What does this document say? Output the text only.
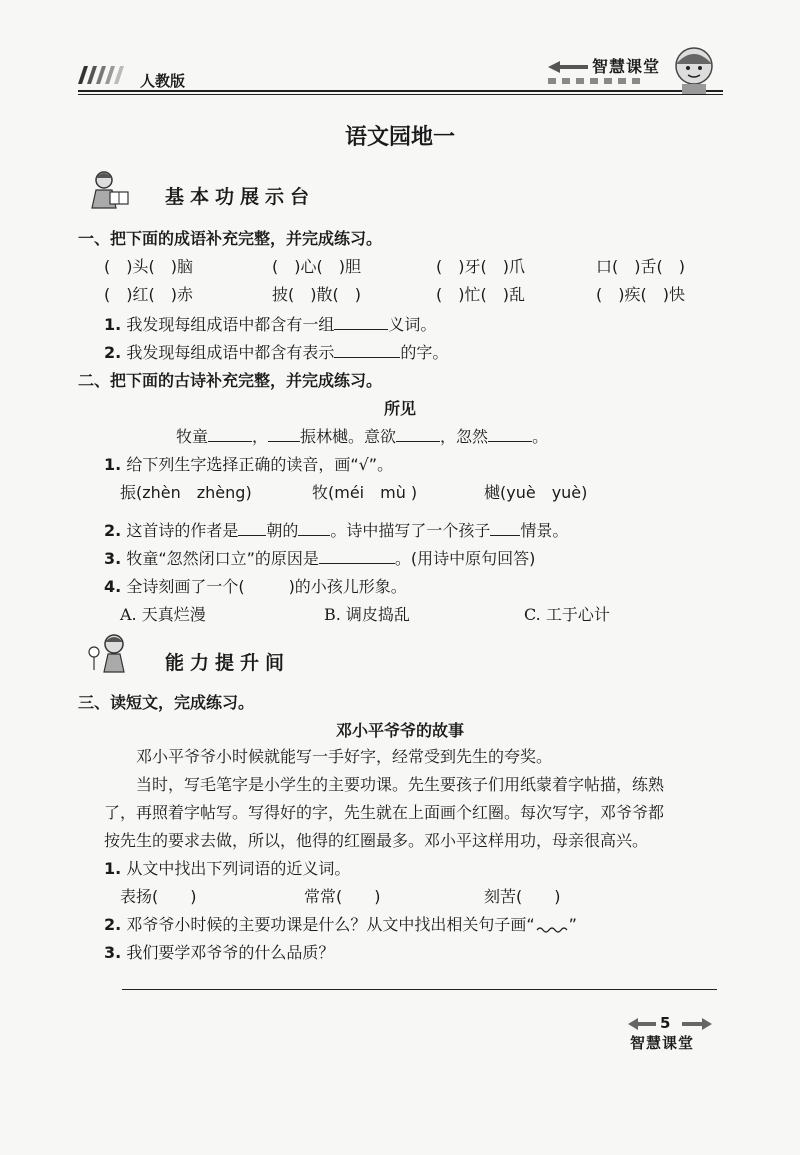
人教版
智慧课堂
语文园地一
基本功展示台
一、把下面的成语补充完整，并完成练习。
(　)头(　)脑	(　)心(　)胆	(　)牙(　)爪	口(　)舌(　)
(　)红(　)赤	披(　)散(　)	(　)忙(　)乱	(　)疾(　)快
1. 我发现每组成语中都含有一组	义词。
2. 我发现每组成语中都含有表示	的字。
二、把下面的古诗补充完整，并完成练习。
所见
牧童	， 振林樾。意欲	，忽然	。
1. 给下列生字选择正确的读音，画“√”。
振(zhèn　zhèng)	牧(méi　mù )	樾(yuè　yuè)
2. 这首诗的作者是 朝的 。诗中描写了一个孩子 情景。
3. 牧童“忽然闭口立”的原因是	。(用诗中原句回答)
4. 全诗刻画了一个(	)的小孩儿形象。
A. 天真烂漫	B. 调皮捣乱	C. 工于心计
能力提升间
三、读短文，完成练习。
邓小平爷爷的故事
邓小平爷爷小时候就能写一手好字，经常受到先生的夸奖。
当时，写毛笔字是小学生的主要功课。先生要孩子们用纸蒙着字帖描，练熟
了，再照着字帖写。写得好的字，先生就在上面画个红圈。每次写字，邓爷爷都
按先生的要求去做，所以，他得的红圈最多。邓小平这样用功，母亲很高兴。
1. 从文中找出下列词语的近义词。
表扬(　　)	常常(　　)	刻苦(　　)
2. 邓爷爷小时候的主要功课是什么？从文中找出相关句子画“ ”
3. 我们要学邓爷爷的什么品质？
5
智慧课堂
